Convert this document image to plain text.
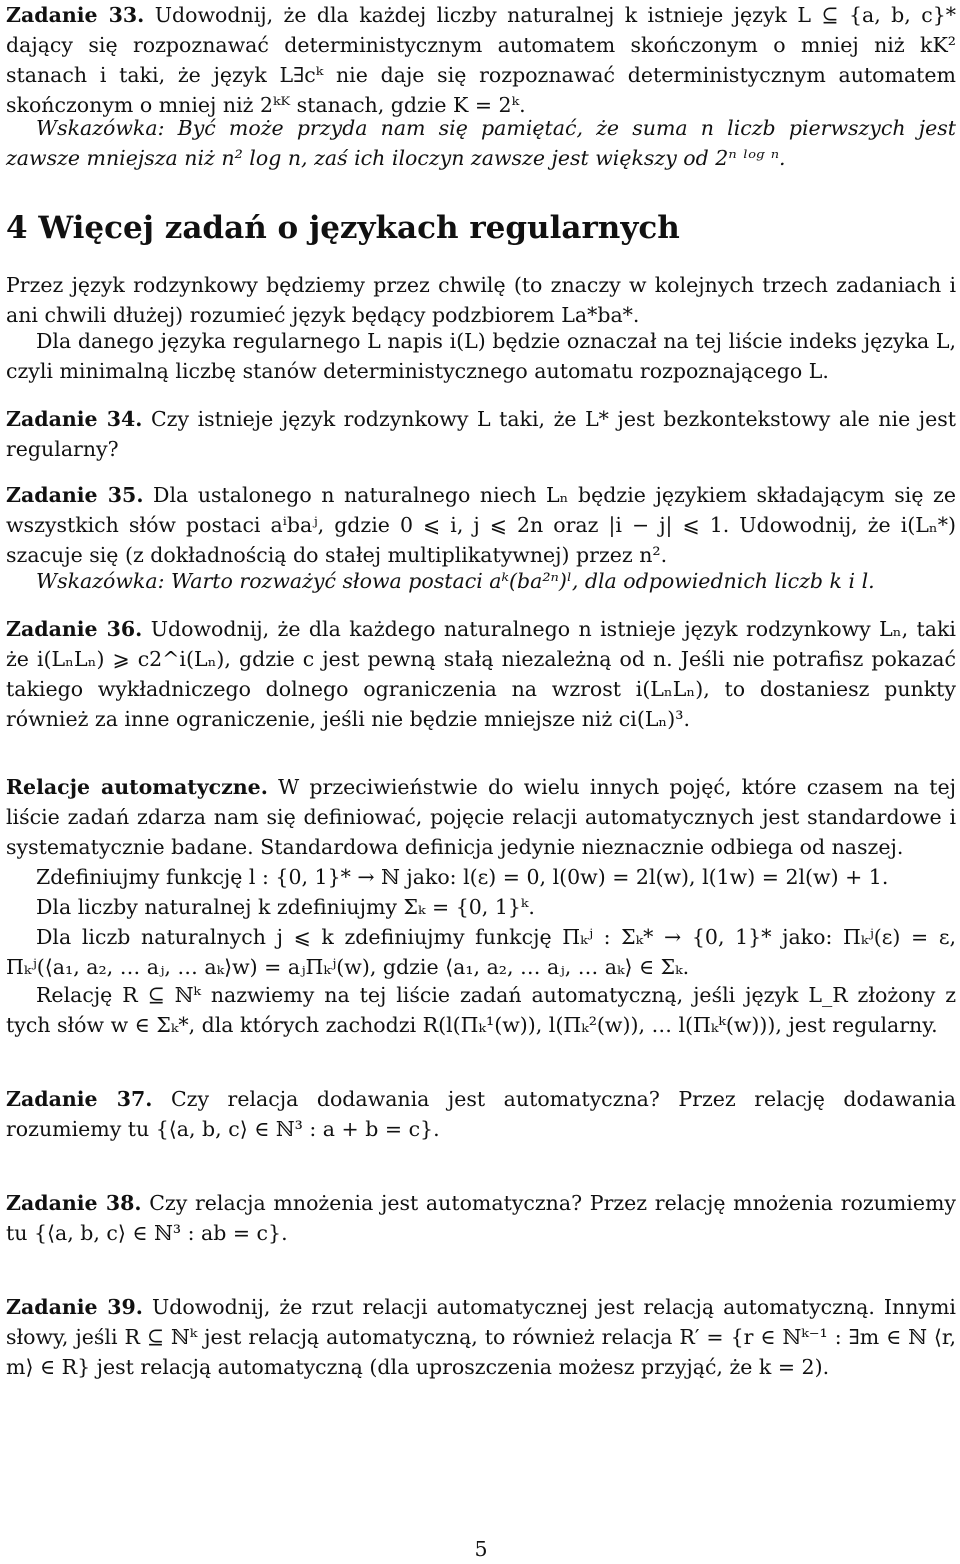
Zadanie 33. Udowodnij, że dla każdej liczby naturalnej k istnieje język L ⊆ {a, b, c}* dający się rozpoznawać deterministycznym automatem skończonym o mniej niż kK² stanach i taki, że język L∃cᵏ nie daje się rozpoznawać deterministycznym automatem skończonym o mniej niż 2ᵏᴷ stanach, gdzie K = 2ᵏ.

Wskazówka: Być może przyda nam się pamiętać, że suma n liczb pierwszych jest zawsze mniejsza niż n² log n, zaś ich iloczyn zawsze jest większy od 2ⁿ ˡᵒᵍ ⁿ.

4 Więcej zadań o językach regularnych

Przez język rodzynkowy będziemy przez chwilę (to znaczy w kolejnych trzech zadaniach i ani chwili dłużej) rozumieć język będący podzbiorem La*ba*.

Dla danego języka regularnego L napis i(L) będzie oznaczał na tej liście indeks języka L, czyli minimalną liczbę stanów deterministycznego automatu rozpoznającego L.

Zadanie 34. Czy istnieje język rodzynkowy L taki, że L* jest bezkontekstowy ale nie jest regularny?

Zadanie 35. Dla ustalonego n naturalnego niech Lₙ będzie językiem składającym się ze wszystkich słów postaci aⁱbaʲ, gdzie 0 ⩽ i, j ⩽ 2n oraz |i − j| ⩽ 1. Udowodnij, że i(Lₙ*) szacuje się (z dokładnością do stałej multiplikatywnej) przez n².

Wskazówka: Warto rozważyć słowa postaci aᵏ(ba²ⁿ)ˡ, dla odpowiednich liczb k i l.

Zadanie 36. Udowodnij, że dla każdego naturalnego n istnieje język rodzynkowy Lₙ, taki że i(LₙLₙ) ⩾ c2^i(Lₙ), gdzie c jest pewną stałą niezależną od n. Jeśli nie potrafisz pokazać takiego wykładniczego dolnego ograniczenia na wzrost i(LₙLₙ), to dostaniesz punkty również za inne ograniczenie, jeśli nie będzie mniejsze niż ci(Lₙ)³.

Relacje automatyczne. W przeciwieństwie do wielu innych pojęć, które czasem na tej liście zadań zdarza nam się definiować, pojęcie relacji automatycznych jest standardowe i systematycznie badane. Standardowa definicja jedynie nieznacznie odbiega od naszej.

Zdefiniujmy funkcję l : {0, 1}* → ℕ jako: l(ε) = 0, l(0w) = 2l(w), l(1w) = 2l(w) + 1.

Dla liczby naturalnej k zdefiniujmy Σₖ = {0, 1}ᵏ.

Dla liczb naturalnych j ⩽ k zdefiniujmy funkcję Πₖʲ : Σₖ* → {0, 1}* jako: Πₖʲ(ε) = ε, Πₖʲ(⟨a₁, a₂, … aⱼ, … aₖ⟩w) = aⱼΠₖʲ(w), gdzie ⟨a₁, a₂, … aⱼ, … aₖ⟩ ∈ Σₖ.

Relację R ⊆ ℕᵏ nazwiemy na tej liście zadań automatyczną, jeśli język L_R złożony z tych słów w ∈ Σₖ*, dla których zachodzi R(l(Πₖ¹(w)), l(Πₖ²(w)), … l(Πₖᵏ(w))), jest regularny.

Zadanie 37. Czy relacja dodawania jest automatyczna? Przez relację dodawania rozumiemy tu {⟨a, b, c⟩ ∈ ℕ³ : a + b = c}.

Zadanie 38. Czy relacja mnożenia jest automatyczna? Przez relację mnożenia rozumiemy tu {⟨a, b, c⟩ ∈ ℕ³ : ab = c}.

Zadanie 39. Udowodnij, że rzut relacji automatycznej jest relacją automatyczną. Innymi słowy, jeśli R ⊆ ℕᵏ jest relacją automatyczną, to również relacja R′ = {r ∈ ℕᵏ⁻¹ : ∃m ∈ ℕ ⟨r, m⟩ ∈ R} jest relacją automatyczną (dla uproszczenia możesz przyjąć, że k = 2).

5
